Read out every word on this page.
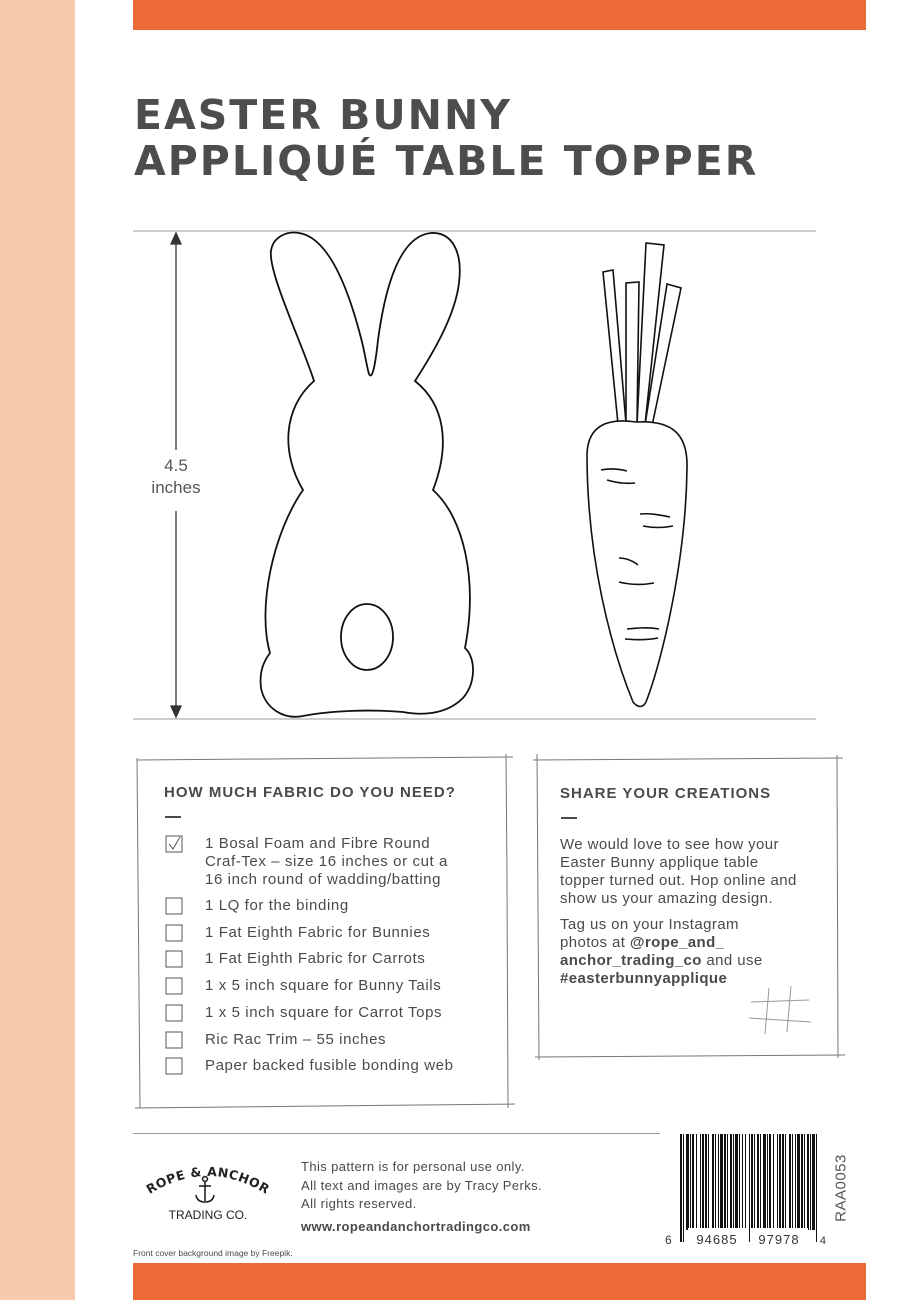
EASTER BUNNY
APPLIQUÉ TABLE TOPPER
4.5
inches
HOW MUCH FABRIC DO YOU NEED?
1 Bosal Foam and Fibre Round
Craf-Tex – size 16 inches or cut a
16 inch round of wadding/batting
1 LQ for the binding
1 Fat Eighth Fabric for Bunnies
1 Fat Eighth Fabric for Carrots
1 x 5 inch square for Bunny Tails
1 x 5 inch square for Carrot Tops
Ric Rac Trim – 55 inches
Paper backed fusible bonding web
SHARE YOUR CREATIONS

We would love to see how your

Easter Bunny applique table

topper turned out. Hop online and

show us your amazing design.

Tag us on your Instagram

photos at @rope_and_

anchor_trading_co and use

#easterbunnyapplique

ROPE & ANCHOR
TRADING CO.
This pattern is for personal use only.
All text and images are by Tracy Perks.
All rights reserved.
www.ropeandanchortradingco.com
Front cover background image by Freepik.
6 94685 97978 4
RAA0053
